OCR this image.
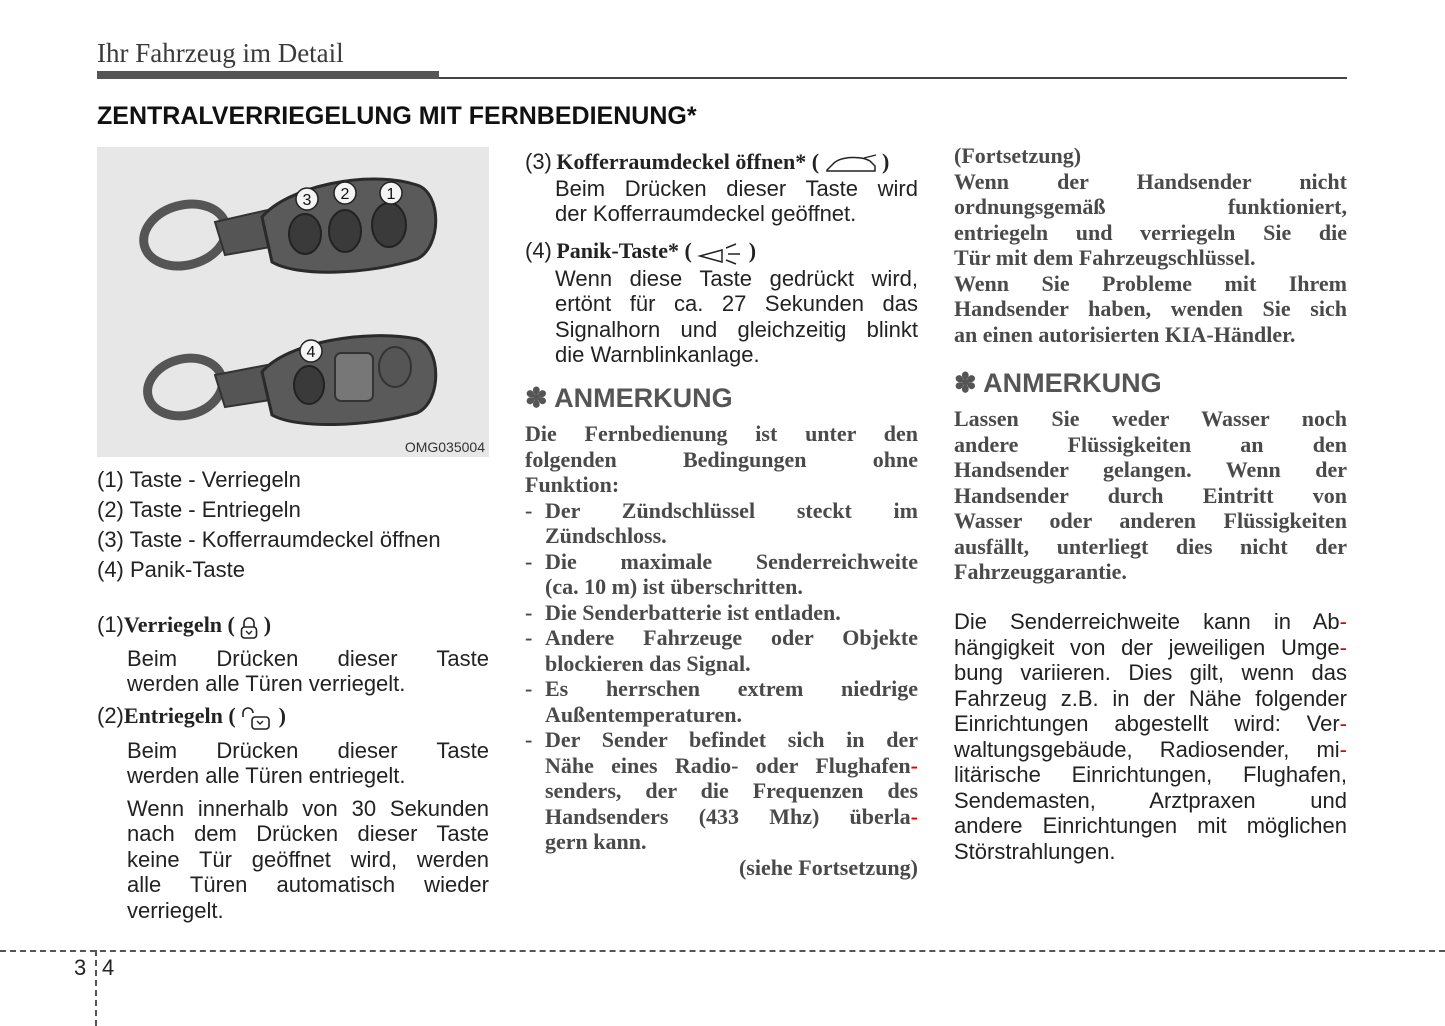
Ihr Fahrzeug im Detail
ZENTRALVERRIEGELUNG MIT FERNBEDIENUNG*
3 2 1
4
OMG035004
(1) Taste - Verriegeln
(2) Taste - Entriegeln
(3) Taste - Kofferraumdeckel öffnen
(4) Panik-Taste
(1)Verriegeln ( )
Beim Drücken dieser Taste
werden alle Türen verriegelt.
(2)Entriegeln ( )
Beim Drücken dieser Taste
werden alle Türen entriegelt.
Wenn innerhalb von 30 Sekunden
nach dem Drücken dieser Taste
keine Tür geöffnet wird, werden
alle Türen automatisch wieder
verriegelt.
(3) Kofferraumdeckel öffnen* (	)
Beim Drücken dieser Taste wird
der Kofferraumdeckel geöffnet.
(4) Panik-Taste* (	)
Wenn diese Taste gedrückt wird,
ertönt für ca. 27 Sekunden das
Signalhorn und gleichzeitig blinkt
die Warnblinkanlage.
✽ ANMERKUNG
Die Fernbedienung ist unter den
folgenden Bedingungen ohne
Funktion:
- Der Zündschlüssel steckt im
Zündschloss.
- Die maximale Senderreichweite
(ca. 10 m) ist überschritten.
- Die Senderbatterie ist entladen.
- Andere Fahrzeuge oder Objekte
blockieren das Signal.
- Es herrschen extrem niedrige
Außentemperaturen.
- Der Sender befindet sich in der
Nähe eines Radio- oder Flughafen -
senders, der die Frequenzen des
Handsenders (433 Mhz) überla -
gern kann.
(siehe Fortsetzung)
(Fortsetzung)
Wenn der Handsender nicht
ordnungsgemäß funktioniert,
entriegeln und verriegeln Sie die
Tür mit dem Fahrzeugschlüssel.
Wenn Sie Probleme mit Ihrem
Handsender haben, wenden Sie sich
an einen autorisierten KIA-Händler.
✽ ANMERKUNG
Lassen Sie weder Wasser noch
andere Flüssigkeiten an den
Handsender gelangen. Wenn der
Handsender durch Eintritt von
Wasser oder anderen Flüssigkeiten
ausfällt, unterliegt dies nicht der
Fahrzeuggarantie.
Die Senderreichweite kann in Ab -
hängigkeit von der jeweiligen Umge -
bung variieren. Dies gilt, wenn das
Fahrzeug z.B. in der Nähe folgender
Einrichtungen abgestellt wird: Ver -
waltungsgebäude, Radiosender, mi -
litärische Einrichtungen, Flughafen,
Sendemasten, Arztpraxen und
andere Einrichtungen mit möglichen
Störstrahlungen.
3 4
